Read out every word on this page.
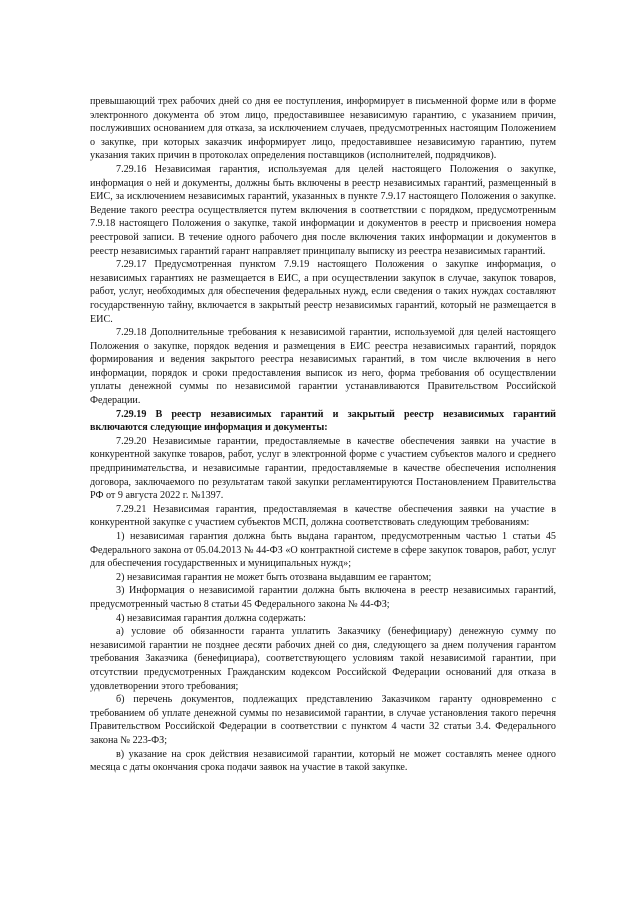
превышающий трех рабочих дней со дня ее поступления, информирует в письменной форме или в форме электронного документа об этом лицо, предоставившее независимую гарантию, с указанием причин, послуживших основанием для отказа, за исключением случаев, предусмотренных настоящим Положением о закупке, при которых заказчик информирует лицо, предоставившее независимую гарантию, путем указания таких причин в протоколах определения поставщиков (исполнителей, подрядчиков).

7.29.16 Независимая гарантия, используемая для целей настоящего Положения о закупке, информация о ней и документы, должны быть включены в реестр независимых гарантий, размещенный в ЕИС, за исключением независимых гарантий, указанных в пункте 7.9.17 настоящего Положения о закупке. Ведение такого реестра осуществляется путем включения в соответствии с порядком, предусмотренным 7.9.18 настоящего Положения о закупке, такой информации и документов в реестр и присвоения номера реестровой записи. В течение одного рабочего дня после включения таких информации и документов в реестр независимых гарантий гарант направляет принципалу выписку из реестра независимых гарантий.

7.29.17 Предусмотренная пунктом 7.9.19 настоящего Положения о закупке информация, о независимых гарантиях не размещается в ЕИС, а при осуществлении закупок в случае, закупок товаров, работ, услуг, необходимых для обеспечения федеральных нужд, если сведения о таких нуждах составляют государственную тайну, включается в закрытый реестр независимых гарантий, который не размещается в ЕИС.

7.29.18 Дополнительные требования к независимой гарантии, используемой для целей настоящего Положения о закупке, порядок ведения и размещения в ЕИС реестра независимых гарантий, порядок формирования и ведения закрытого реестра независимых гарантий, в том числе включения в него информации, порядок и сроки предоставления выписок из него, форма требования об осуществлении уплаты денежной суммы по независимой гарантии устанавливаются Правительством Российской Федерации.

7.29.19 В реестр независимых гарантий и закрытый реестр независимых гарантий включаются следующие информация и документы:

7.29.20 Независимые гарантии, предоставляемые в качестве обеспечения заявки на участие в конкурентной закупке товаров, работ, услуг в электронной форме с участием субъектов малого и среднего предпринимательства, и независимые гарантии, предоставляемые в качестве обеспечения исполнения договора, заключаемого по результатам такой закупки регламентируются Постановлением Правительства РФ от 9 августа 2022 г. №1397.

7.29.21 Независимая гарантия, предоставляемая в качестве обеспечения заявки на участие в конкурентной закупке с участием субъектов МСП, должна соответствовать следующим требованиям:

1) независимая гарантия должна быть выдана гарантом, предусмотренным частью 1 статьи 45 Федерального закона от 05.04.2013 № 44-ФЗ «О контрактной системе в сфере закупок товаров, работ, услуг для обеспечения государственных и муниципальных нужд»;

2) независимая гарантия не может быть отозвана выдавшим ее гарантом;

3) Информация о независимой гарантии должна быть включена в реестр независимых гарантий, предусмотренный частью 8 статьи 45 Федерального закона № 44-ФЗ;

4) независимая гарантия должна содержать:

а) условие об обязанности гаранта уплатить Заказчику (бенефициару) денежную сумму по независимой гарантии не позднее десяти рабочих дней со дня, следующего за днем получения гарантом требования Заказчика (бенефициара), соответствующего условиям такой независимой гарантии, при отсутствии предусмотренных Гражданским кодексом Российской Федерации оснований для отказа в удовлетворении этого требования;

б) перечень документов, подлежащих представлению Заказчиком гаранту одновременно с требованием об уплате денежной суммы по независимой гарантии, в случае установления такого перечня Правительством Российской Федерации в соответствии с пунктом 4 части 32 статьи 3.4. Федерального закона № 223-ФЗ;

в) указание на срок действия независимой гарантии, который не может составлять менее одного месяца с даты окончания срока подачи заявок на участие в такой закупке.
